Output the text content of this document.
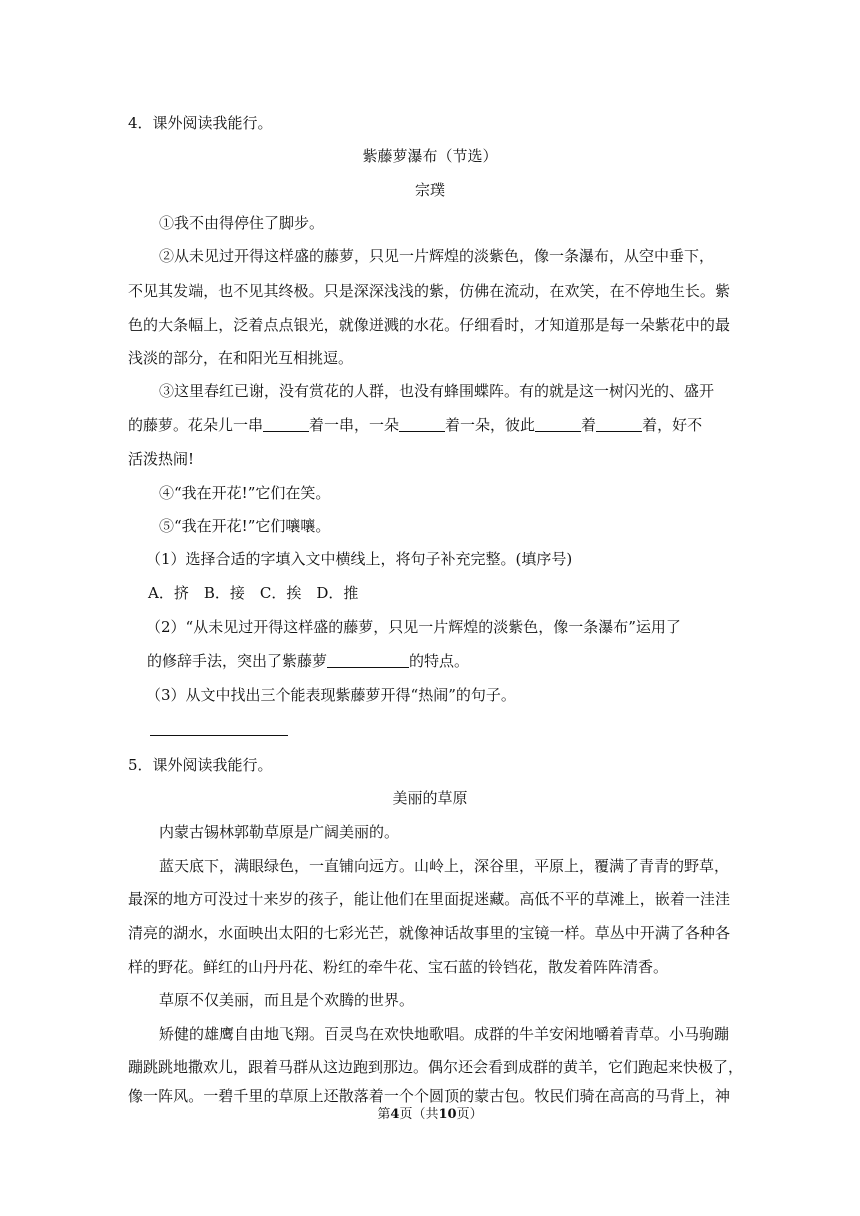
4．课外阅读我能行。
紫藤萝瀑布（节选）
宗璞
①我不由得停住了脚步。
②从未见过开得这样盛的藤萝，只见一片辉煌的淡紫色，像一条瀑布，从空中垂下，
不见其发端，也不见其终极。只是深深浅浅的紫，仿佛在流动，在欢笑，在不停地生长。紫
色的大条幅上，泛着点点银光，就像迸溅的水花。仔细看时，才知道那是每一朵紫花中的最
浅淡的部分，在和阳光互相挑逗。
③这里春红已谢，没有赏花的人群，也没有蜂围蝶阵。有的就是这一树闪光的、盛开
的藤萝。花朵儿一串	着一串，一朵	着一朵，彼此	着	着，好不
活泼热闹!
④“我在开花!”它们在笑。
⑤“我在开花!”它们嚷嚷。
（1）选择合适的字填入文中横线上，将句子补充完整。(填序号)
A．挤　B．接　C．挨　D．推
（2）“从未见过开得这样盛的藤萝，只见一片辉煌的淡紫色，像一条瀑布”运用了
的修辞手法，突出了紫藤萝	的特点。
（3）从文中找出三个能表现紫藤萝开得“热闹”的句子。
5．课外阅读我能行。
美丽的草原
内蒙古锡林郭勒草原是广阔美丽的。
蓝天底下，满眼绿色，一直铺向远方。山岭上，深谷里，平原上，覆满了青青的野草，
最深的地方可没过十来岁的孩子，能让他们在里面捉迷藏。高低不平的草滩上，嵌着一洼洼
清亮的湖水，水面映出太阳的七彩光芒，就像神话故事里的宝镜一样。草丛中开满了各种各
样的野花。鲜红的山丹丹花、粉红的牵牛花、宝石蓝的铃铛花，散发着阵阵清香。
草原不仅美丽，而且是个欢腾的世界。
矫健的雄鹰自由地飞翔。百灵鸟在欢快地歌唱。成群的牛羊安闲地嚼着青草。小马驹蹦
蹦跳跳地撒欢儿，跟着马群从这边跑到那边。偶尔还会看到成群的黄羊，它们跑起来快极了，
像一阵风。一碧千里的草原上还散落着一个个圆顶的蒙古包。牧民们骑在高高的马背上，神
第4页（共10页）
